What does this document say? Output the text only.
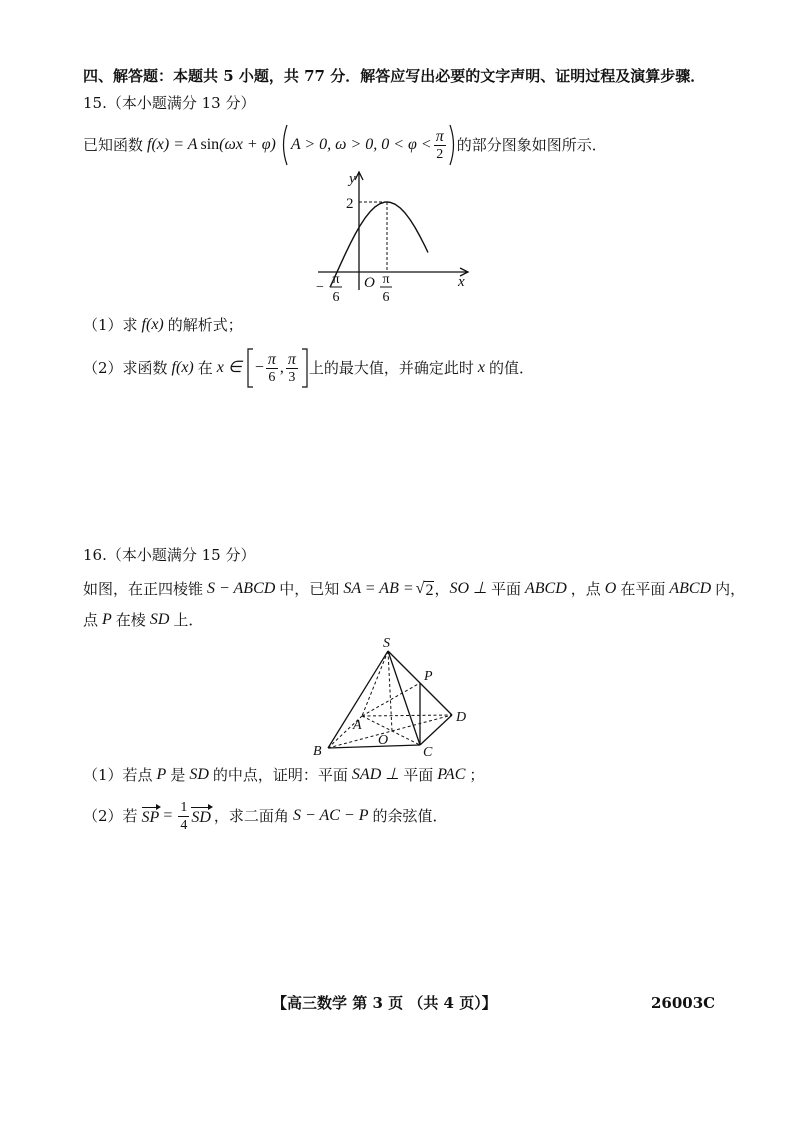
四、解答题：本题共 5 小题，共 77 分．解答应写出必要的文字声明、证明过程及演算步骤．
15.（本小题满分 13 分）
已知函数 f(x) = A sin (ωx + φ) A > 0, ω > 0, $0 < \varphi < \frac{\pi}{2}$ 的部分图象如图所示．
y
2
O	x
−
π
6
π
6
（1）求 f(x) 的解析式；
（2）求函数 f(x) 在 x ∈ − $\frac{\pi}{6}$ , $\frac{\pi}{3}$ 上的最大值，并确定此时 x 的值．
16.（本小题满分 15 分）
如图，在正四棱锥 S − ABCD 中，已知 SA = AB = √ 2 ， SO ⊥ 平面 ABCD ，点 O 在平面 ABCD 内，
点 P 在棱 SD 上．
S
P
D
A
O
B	C
（1）若点 P 是 SD 的中点，证明：平面 SAD ⊥ 平面 PAC ；
（2）若 SP = $\frac{1}{4}$ SD ，求二面角 S − AC − P 的余弦值．
【高三数学 第 3 页 （共 4 页）】	26003C
